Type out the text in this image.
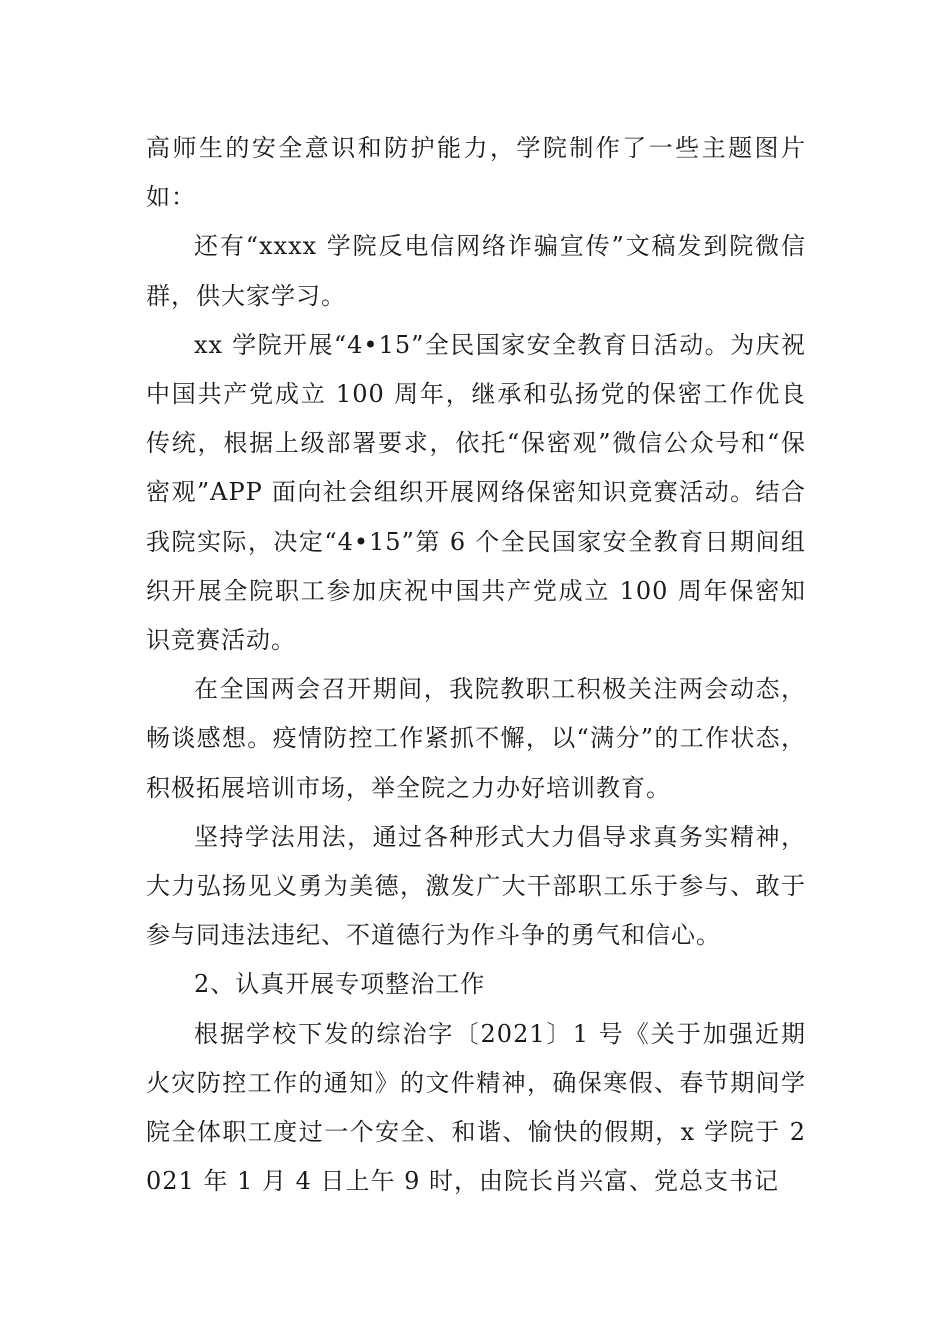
高师生的安全意识和防护能力，学院制作了一些主题图片如：

还有“xxxx 学院反电信网络诈骗宣传”文稿发到院微信群，供大家学习。

xx 学院开展“4•15”全民国家安全教育日活动。为庆祝中国共产党成立 100 周年，继承和弘扬党的保密工作优良传统，根据上级部署要求，依托“保密观”微信公众号和“保密观”APP 面向社会组织开展网络保密知识竞赛活动。结合我院实际，决定“4•15”第 6 个全民国家安全教育日期间组织开展全院职工参加庆祝中国共产党成立 100 周年保密知识竞赛活动。

在全国两会召开期间，我院教职工积极关注两会动态，畅谈感想。疫情防控工作紧抓不懈，以“满分”的工作状态，积极拓展培训市场，举全院之力办好培训教育。

坚持学法用法，通过各种形式大力倡导求真务实精神，大力弘扬见义勇为美德，激发广大干部职工乐于参与、敢于参与同违法违纪、不道德行为作斗争的勇气和信心。

2、认真开展专项整治工作

根据学校下发的综治字〔2021〕1 号《关于加强近期火灾防控工作的通知》的文件精神，确保寒假、春节期间学院全体职工度过一个安全、和谐、愉快的假期，x 学院于 2021 年 1 月 4 日上午 9 时，由院长肖兴富、党总支书记
